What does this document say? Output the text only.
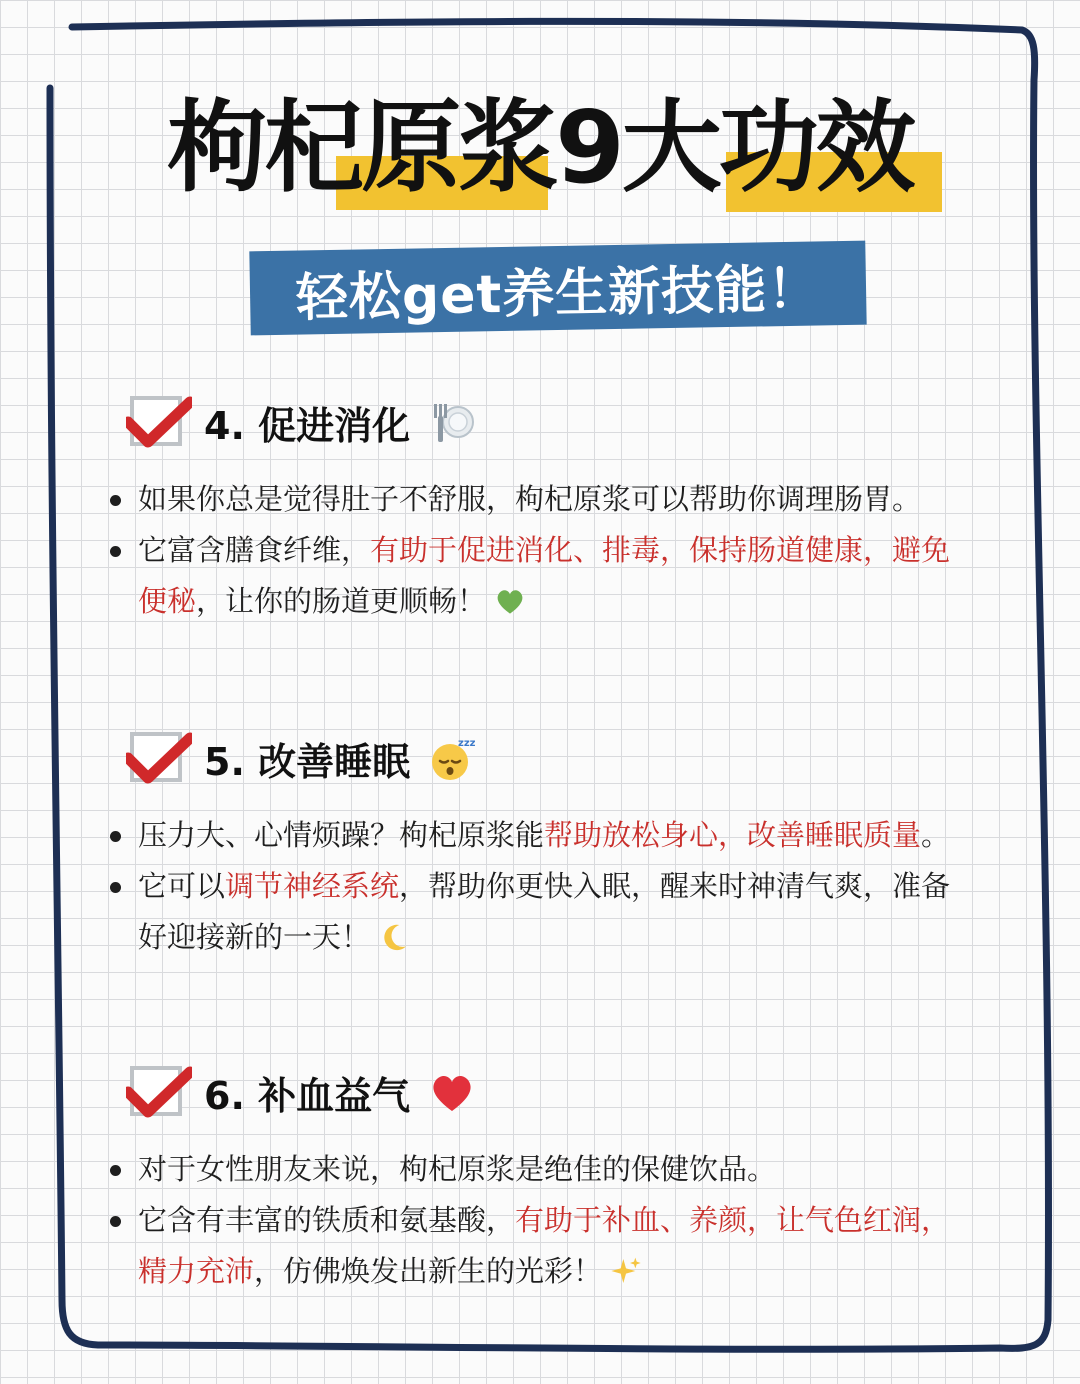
枸杞原浆9大功效
轻松get养生新技能！
4. 促进消化
如果你总是觉得肚子不舒服，枸杞原浆可以帮助你调理肠胃。
它富含膳食纤维，有助于促进消化、排毒，保持肠道健康，避免便秘，让你的肠道更顺畅！
5. 改善睡眠	zzz
压力大、心情烦躁？枸杞原浆能帮助放松身心，改善睡眠质量。
它可以调节神经系统，帮助你更快入眠，醒来时神清气爽，准备好迎接新的一天！
6. 补血益气
对于女性朋友来说，枸杞原浆是绝佳的保健饮品。
它含有丰富的铁质和氨基酸，有助于补血、养颜，让气色红润，精力充沛，仿佛焕发出新生的光彩！
